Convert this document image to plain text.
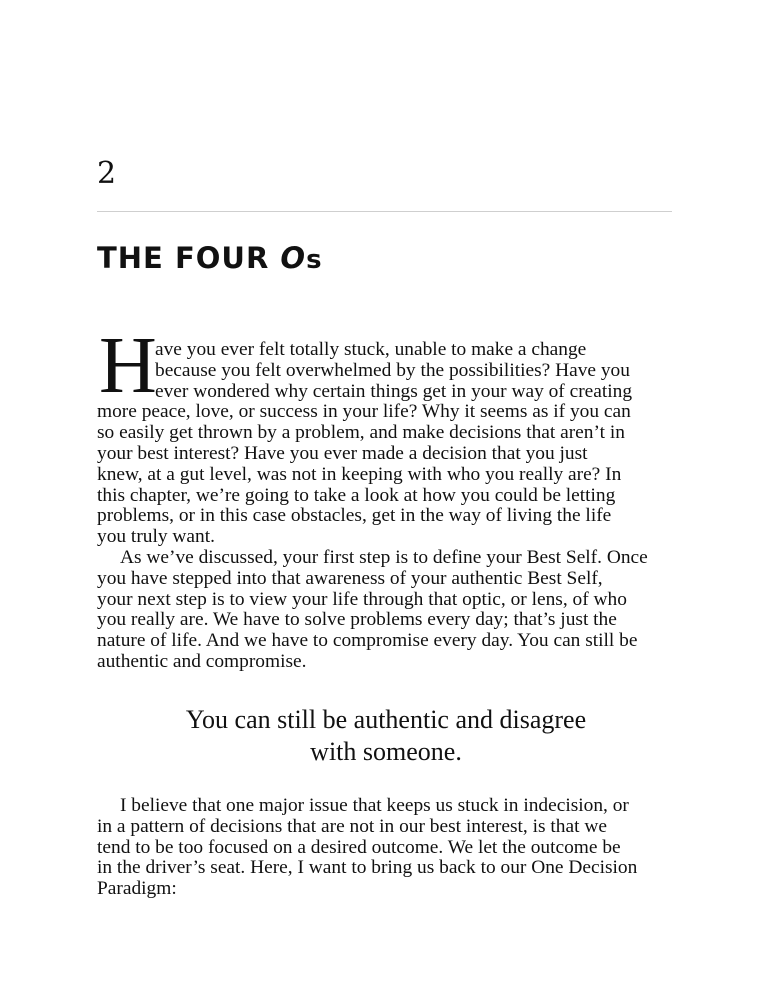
2
THE FOUR Os
H
ave you ever felt totally stuck, unable to make a change
because you felt overwhelmed by the possibilities? Have you
ever wondered why certain things get in your way of creating
more peace, love, or success in your life? Why it seems as if you can
so easily get thrown by a problem, and make decisions that aren’t in
your best interest? Have you ever made a decision that you just
knew, at a gut level, was not in keeping with who you really are? In
this chapter, we’re going to take a look at how you could be letting
problems, or in this case obstacles, get in the way of living the life
you truly want.
As we’ve discussed, your first step is to define your Best Self. Once
you have stepped into that awareness of your authentic Best Self,
your next step is to view your life through that optic, or lens, of who
you really are. We have to solve problems every day; that’s just the
nature of life. And we have to compromise every day. You can still be
authentic and compromise.
You can still be authentic and disagree
with someone.
I believe that one major issue that keeps us stuck in indecision, or
in a pattern of decisions that are not in our best interest, is that we
tend to be too focused on a desired outcome. We let the outcome be
in the driver’s seat. Here, I want to bring us back to our One Decision
Paradigm:
